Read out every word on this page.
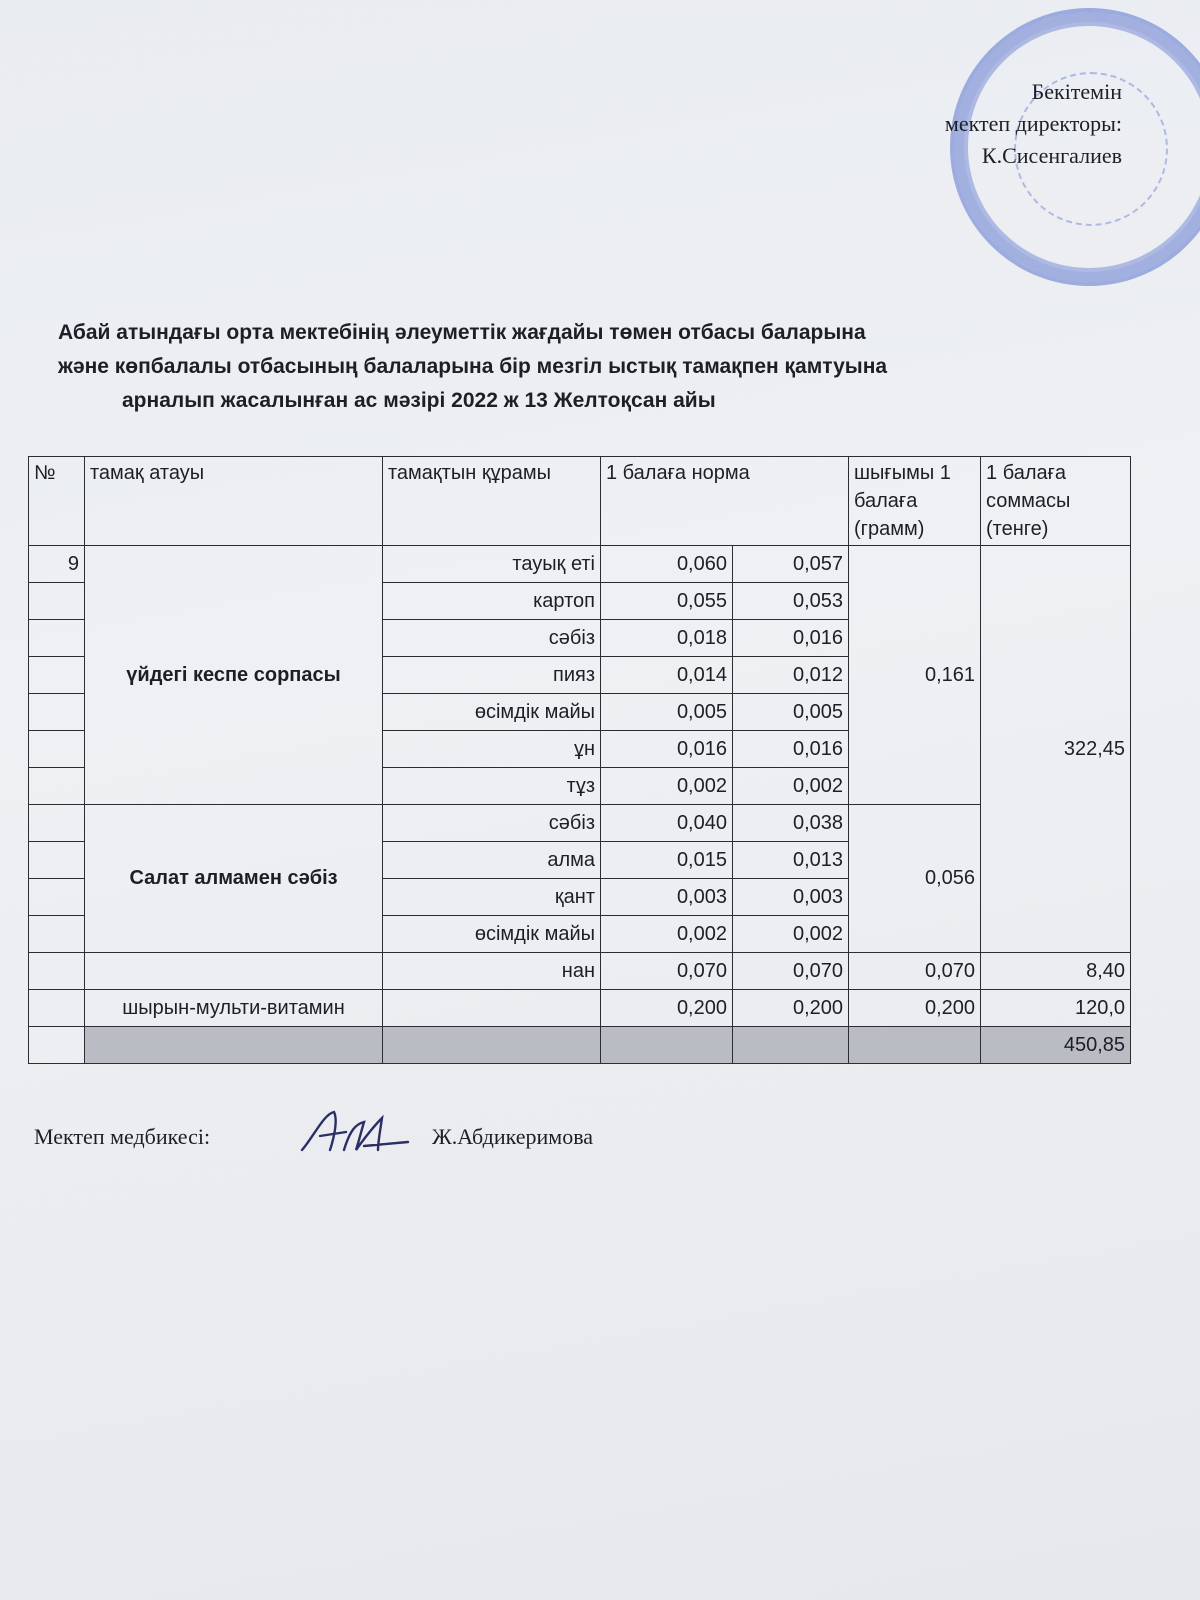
Бекітемін
мектеп директоры:
К.Сисенгалиев
Абай атындағы орта мектебінің әлеуметтік жағдайы төмен отбасы баларына
және көпбалалы отбасының балаларына бір мезгіл ыстық тамақпен қамтуына
арналып жасалынған ас мәзірі 2022 ж 13 Желтоқсан айы
№	тамақ атауы	тамақтын құрамы	1 балаға норма		шығымы 1 балаға (грамм)	1 балаға соммасы (тенге)
9	үйдегі кеспе сорпасы	тауық еті	0,060	0,057	0,161	322,45
		картоп	0,055	0,053		
		сәбіз	0,018	0,016		
		пияз	0,014	0,012		
		өсімдік майы	0,005	0,005		
		ұн	0,016	0,016		
		тұз	0,002	0,002		
	Салат алмамен сәбіз	сәбіз	0,040	0,038	0,056	
		алма	0,015	0,013		
		қант	0,003	0,003		
		өсімдік майы	0,002	0,002		
		нан	0,070	0,070	0,070	8,40
	шырын-мульти-витамин		0,200	0,200	0,200	120,0
						450,85
Мектеп медбикесі:	Ж.Абдикеримова
